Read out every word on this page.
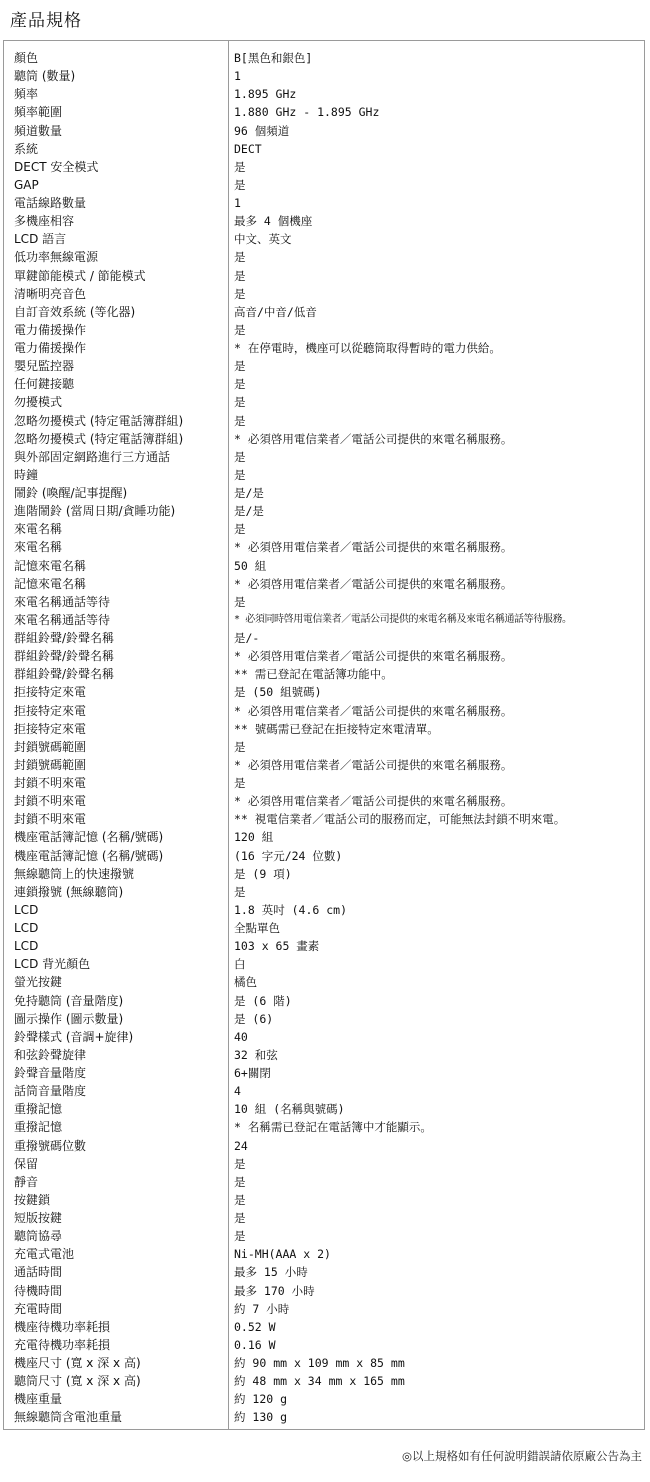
產品規格
顏色	B[黑色和銀色]
聽筒 (數量)	1
頻率	1.895 GHz
頻率範圍	1.880 GHz - 1.895 GHz
頻道數量	96 個頻道
系統	DECT
DECT 安全模式	是
GAP	是
電話線路數量	1
多機座相容	最多 4 個機座
LCD 語言	中文、英文
低功率無線電源	是
單鍵節能模式 / 節能模式	是
清晰明亮音色	是
自訂音效系統 (等化器)	高音/中音/低音
電力備援操作	是
電力備援操作	* 在停電時，機座可以從聽筒取得暫時的電力供給。
嬰兒監控器	是
任何鍵接聽	是
勿擾模式	是
忽略勿擾模式 (特定電話簿群組)	是
忽略勿擾模式 (特定電話簿群組)	* 必須啓用電信業者／電話公司提供的來電名稱服務。
與外部固定網路進行三方通話	是
時鐘	是
鬧鈴 (喚醒/記事提醒)	是/是
進階鬧鈴 (當周日期/貪睡功能)	是/是
來電名稱	是
來電名稱	* 必須啓用電信業者／電話公司提供的來電名稱服務。
記憶來電名稱	50 組
記憶來電名稱	* 必須啓用電信業者／電話公司提供的來電名稱服務。
來電名稱通話等待	是
來電名稱通話等待	* 必須同時啓用電信業者／電話公司提供的來電名稱及來電名稱通話等待服務。
群組鈴聲/鈴聲名稱	是/-
群組鈴聲/鈴聲名稱	* 必須啓用電信業者／電話公司提供的來電名稱服務。
群組鈴聲/鈴聲名稱	** 需已登記在電話簿功能中。
拒接特定來電	是 (50 組號碼)
拒接特定來電	* 必須啓用電信業者／電話公司提供的來電名稱服務。
拒接特定來電	** 號碼需已登記在拒接特定來電清單。
封鎖號碼範圍	是
封鎖號碼範圍	* 必須啓用電信業者／電話公司提供的來電名稱服務。
封鎖不明來電	是
封鎖不明來電	* 必須啓用電信業者／電話公司提供的來電名稱服務。
封鎖不明來電	** 視電信業者／電話公司的服務而定，可能無法封鎖不明來電。
機座電話簿記憶 (名稱/號碼)	120 組
機座電話簿記憶 (名稱/號碼)	(16 字元/24 位數)
無線聽筒上的快速撥號	是 (9 項)
連鎖撥號 (無線聽筒)	是
LCD	1.8 英吋 (4.6 cm)
LCD	全點單色
LCD	103 x 65 畫素
LCD 背光顏色	白
螢光按鍵	橘色
免持聽筒 (音量階度)	是 (6 階)
圖示操作 (圖示數量)	是 (6)
鈴聲樣式 (音調+旋律)	40
和弦鈴聲旋律	32 和弦
鈴聲音量階度	6+關閉
話筒音量階度	4
重撥記憶	10 組 (名稱與號碼)
重撥記憶	* 名稱需已登記在電話簿中才能顯示。
重撥號碼位數	24
保留	是
靜音	是
按鍵鎖	是
短版按鍵	是
聽筒協尋	是
充電式電池	Ni-MH(AAA x 2)
通話時間	最多 15 小時
待機時間	最多 170 小時
充電時間	約 7 小時
機座待機功率耗損	0.52 W
充電待機功率耗損	0.16 W
機座尺寸 (寬 x 深 x 高)	約 90 mm x 109 mm x 85 mm
聽筒尺寸 (寬 x 深 x 高)	約 48 mm x 34 mm x 165 mm
機座重量	約 120 g
無線聽筒含電池重量	約 130 g
◎以上規格如有任何說明錯誤請依原廠公告為主
